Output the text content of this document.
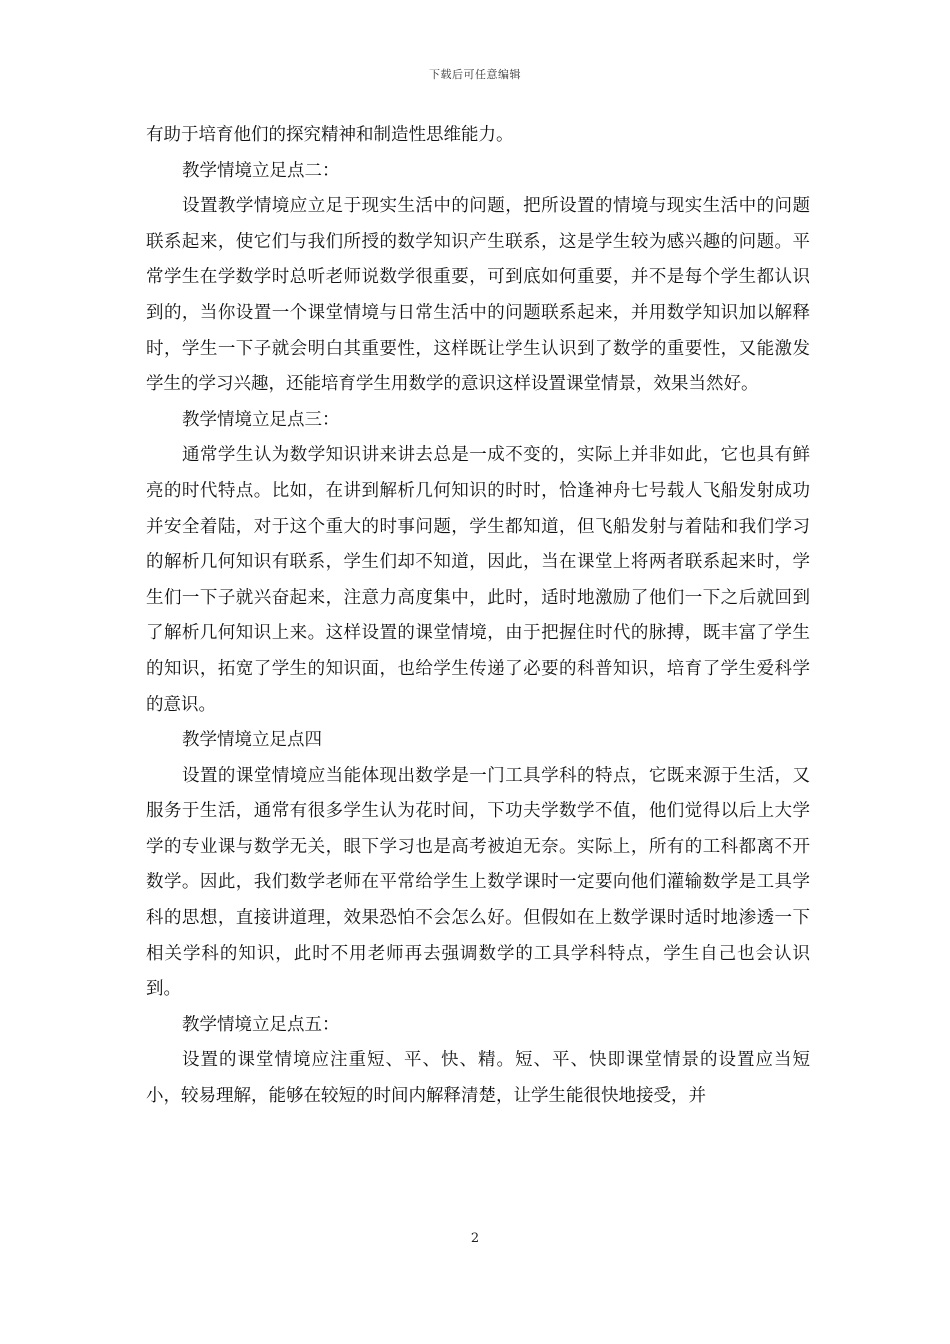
下载后可任意编辑

有助于培育他们的探究精神和制造性思维能力。

教学情境立足点二：

设置教学情境应立足于现实生活中的问题，把所设置的情境与现实生活中的问题联系起来，使它们与我们所授的数学知识产生联系，这是学生较为感兴趣的问题。平常学生在学数学时总听老师说数学很重要，可到底如何重要，并不是每个学生都认识到的，当你设置一个课堂情境与日常生活中的问题联系起来，并用数学知识加以解释时，学生一下子就会明白其重要性，这样既让学生认识到了数学的重要性，又能激发学生的学习兴趣，还能培育学生用数学的意识这样设置课堂情景，效果当然好。

教学情境立足点三：

通常学生认为数学知识讲来讲去总是一成不变的，实际上并非如此，它也具有鲜亮的时代特点。比如，在讲到解析几何知识的时时，恰逢神舟七号载人飞船发射成功并安全着陆，对于这个重大的时事问题，学生都知道，但飞船发射与着陆和我们学习的解析几何知识有联系，学生们却不知道，因此，当在课堂上将两者联系起来时，学生们一下子就兴奋起来，注意力高度集中，此时，适时地激励了他们一下之后就回到了解析几何知识上来。这样设置的课堂情境，由于把握住时代的脉搏，既丰富了学生的知识，拓宽了学生的知识面，也给学生传递了必要的科普知识，培育了学生爱科学的意识。

教学情境立足点四

设置的课堂情境应当能体现出数学是一门工具学科的特点，它既来源于生活，又服务于生活，通常有很多学生认为花时间，下功夫学数学不值，他们觉得以后上大学学的专业课与数学无关，眼下学习也是高考被迫无奈。实际上，所有的工科都离不开数学。因此，我们数学老师在平常给学生上数学课时一定要向他们灌输数学是工具学科的思想，直接讲道理，效果恐怕不会怎么好。但假如在上数学课时适时地渗透一下相关学科的知识，此时不用老师再去强调数学的工具学科特点，学生自己也会认识到。

教学情境立足点五：

设置的课堂情境应注重短、平、快、精。短、平、快即课堂情景的设置应当短小，较易理解，能够在较短的时间内解释清楚，让学生能很快地接受，并

2
